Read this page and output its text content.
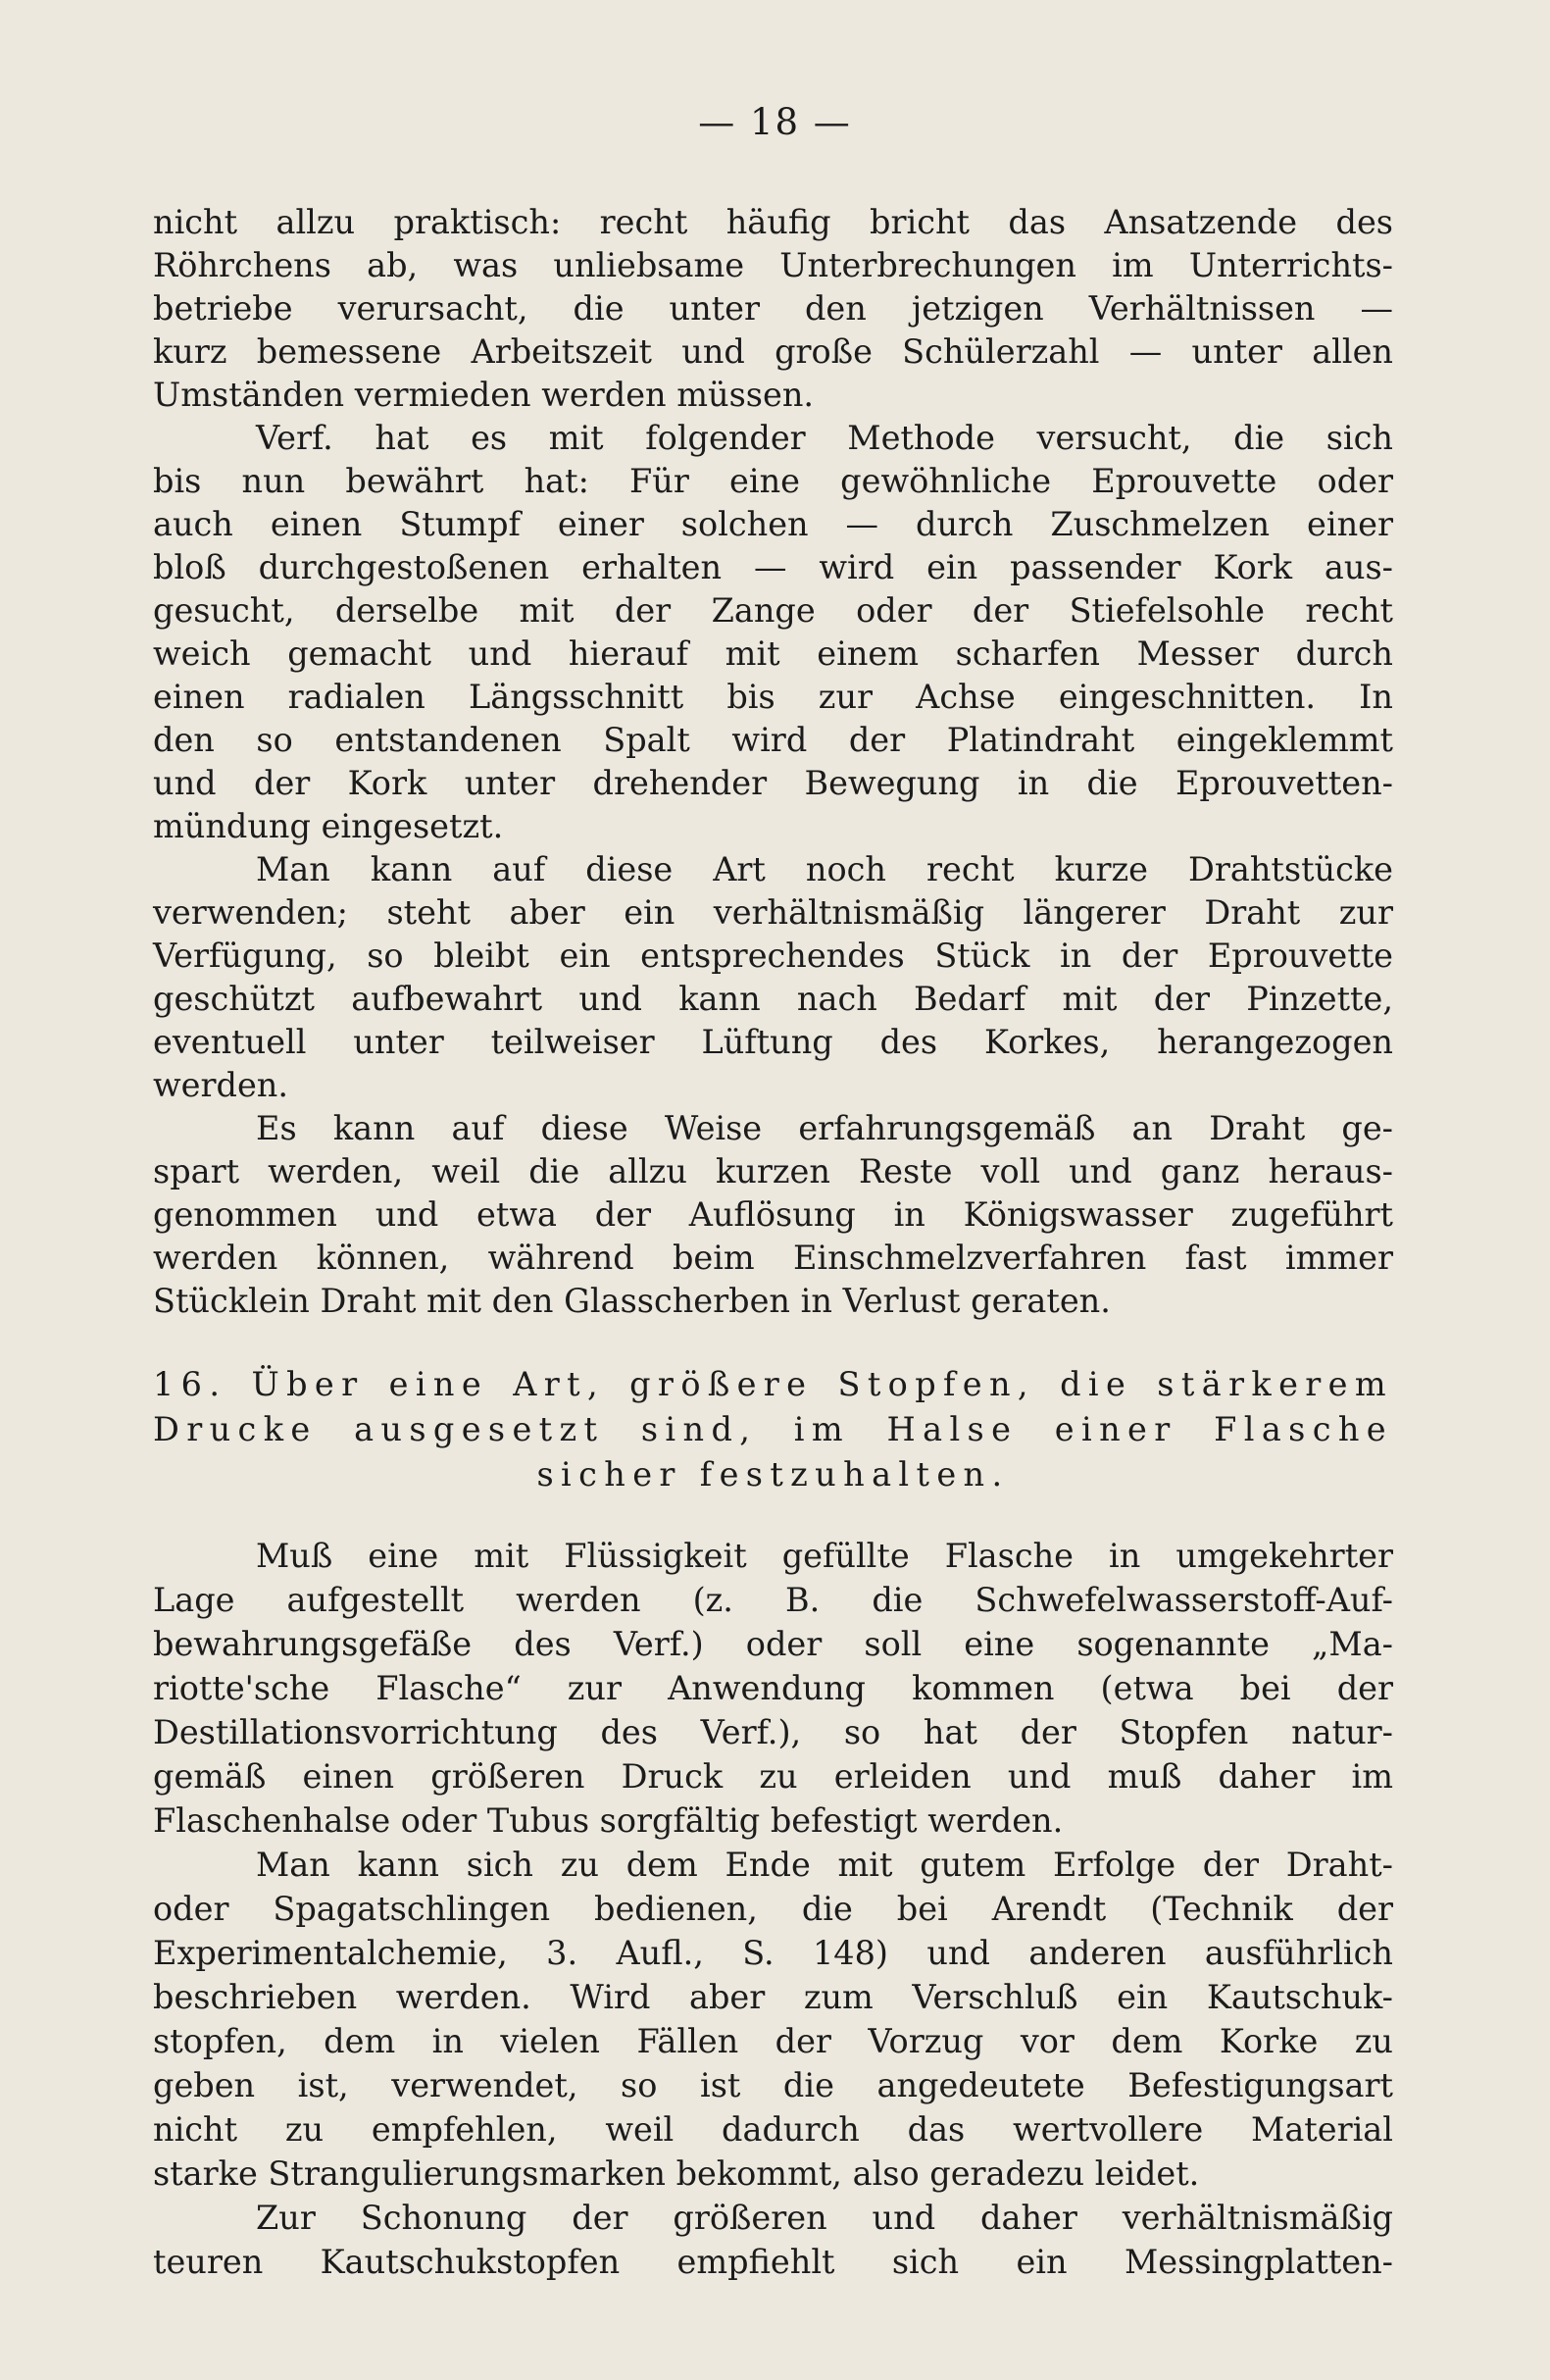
— 18 —
nicht allzu praktisch: recht häufig bricht das Ansatzende des
Röhrchens ab, was unliebsame Unterbrechungen im Unterrichts-
betriebe verursacht, die unter den jetzigen Verhältnissen —
kurz bemessene Arbeitszeit und große Schülerzahl — unter allen
Umständen vermieden werden müssen.
Verf. hat es mit folgender Methode versucht, die sich
bis nun bewährt hat: Für eine gewöhnliche Eprouvette oder
auch einen Stumpf einer solchen — durch Zuschmelzen einer
bloß durchgestoßenen erhalten — wird ein passender Kork aus-
gesucht, derselbe mit der Zange oder der Stiefelsohle recht
weich gemacht und hierauf mit einem scharfen Messer durch
einen radialen Längsschnitt bis zur Achse eingeschnitten. In
den so entstandenen Spalt wird der Platindraht eingeklemmt
und der Kork unter drehender Bewegung in die Eprouvetten-
mündung eingesetzt.
Man kann auf diese Art noch recht kurze Drahtstücke
verwenden; steht aber ein verhältnismäßig längerer Draht zur
Verfügung, so bleibt ein entsprechendes Stück in der Eprouvette
geschützt aufbewahrt und kann nach Bedarf mit der Pinzette,
eventuell unter teilweiser Lüftung des Korkes, herangezogen
werden.
Es kann auf diese Weise erfahrungsgemäß an Draht ge-
spart werden, weil die allzu kurzen Reste voll und ganz heraus-
genommen und etwa der Auflösung in Königswasser zugeführt
werden können, während beim Einschmelzverfahren fast immer
Stücklein Draht mit den Glasscherben in Verlust geraten.
16. Über eine Art, größere Stopfen, die stärkerem
Drucke ausgesetzt sind, im Halse einer Flasche
sicher festzuhalten.
Muß eine mit Flüssigkeit gefüllte Flasche in umgekehrter
Lage aufgestellt werden (z. B. die Schwefelwasserstoff-Auf-
bewahrungsgefäße des Verf.) oder soll eine sogenannte „Ma-
riotte'sche Flasche“ zur Anwendung kommen (etwa bei der
Destillationsvorrichtung des Verf.), so hat der Stopfen natur-
gemäß einen größeren Druck zu erleiden und muß daher im
Flaschenhalse oder Tubus sorgfältig befestigt werden.
Man kann sich zu dem Ende mit gutem Erfolge der Draht-
oder Spagatschlingen bedienen, die bei Arendt (Technik der
Experimentalchemie, 3. Aufl., S. 148) und anderen ausführlich
beschrieben werden. Wird aber zum Verschluß ein Kautschuk-
stopfen, dem in vielen Fällen der Vorzug vor dem Korke zu
geben ist, verwendet, so ist die angedeutete Befestigungsart
nicht zu empfehlen, weil dadurch das wertvollere Material
starke Strangulierungsmarken bekommt, also geradezu leidet.
Zur Schonung der größeren und daher verhältnismäßig
teuren Kautschukstopfen empfiehlt sich ein Messingplatten-
